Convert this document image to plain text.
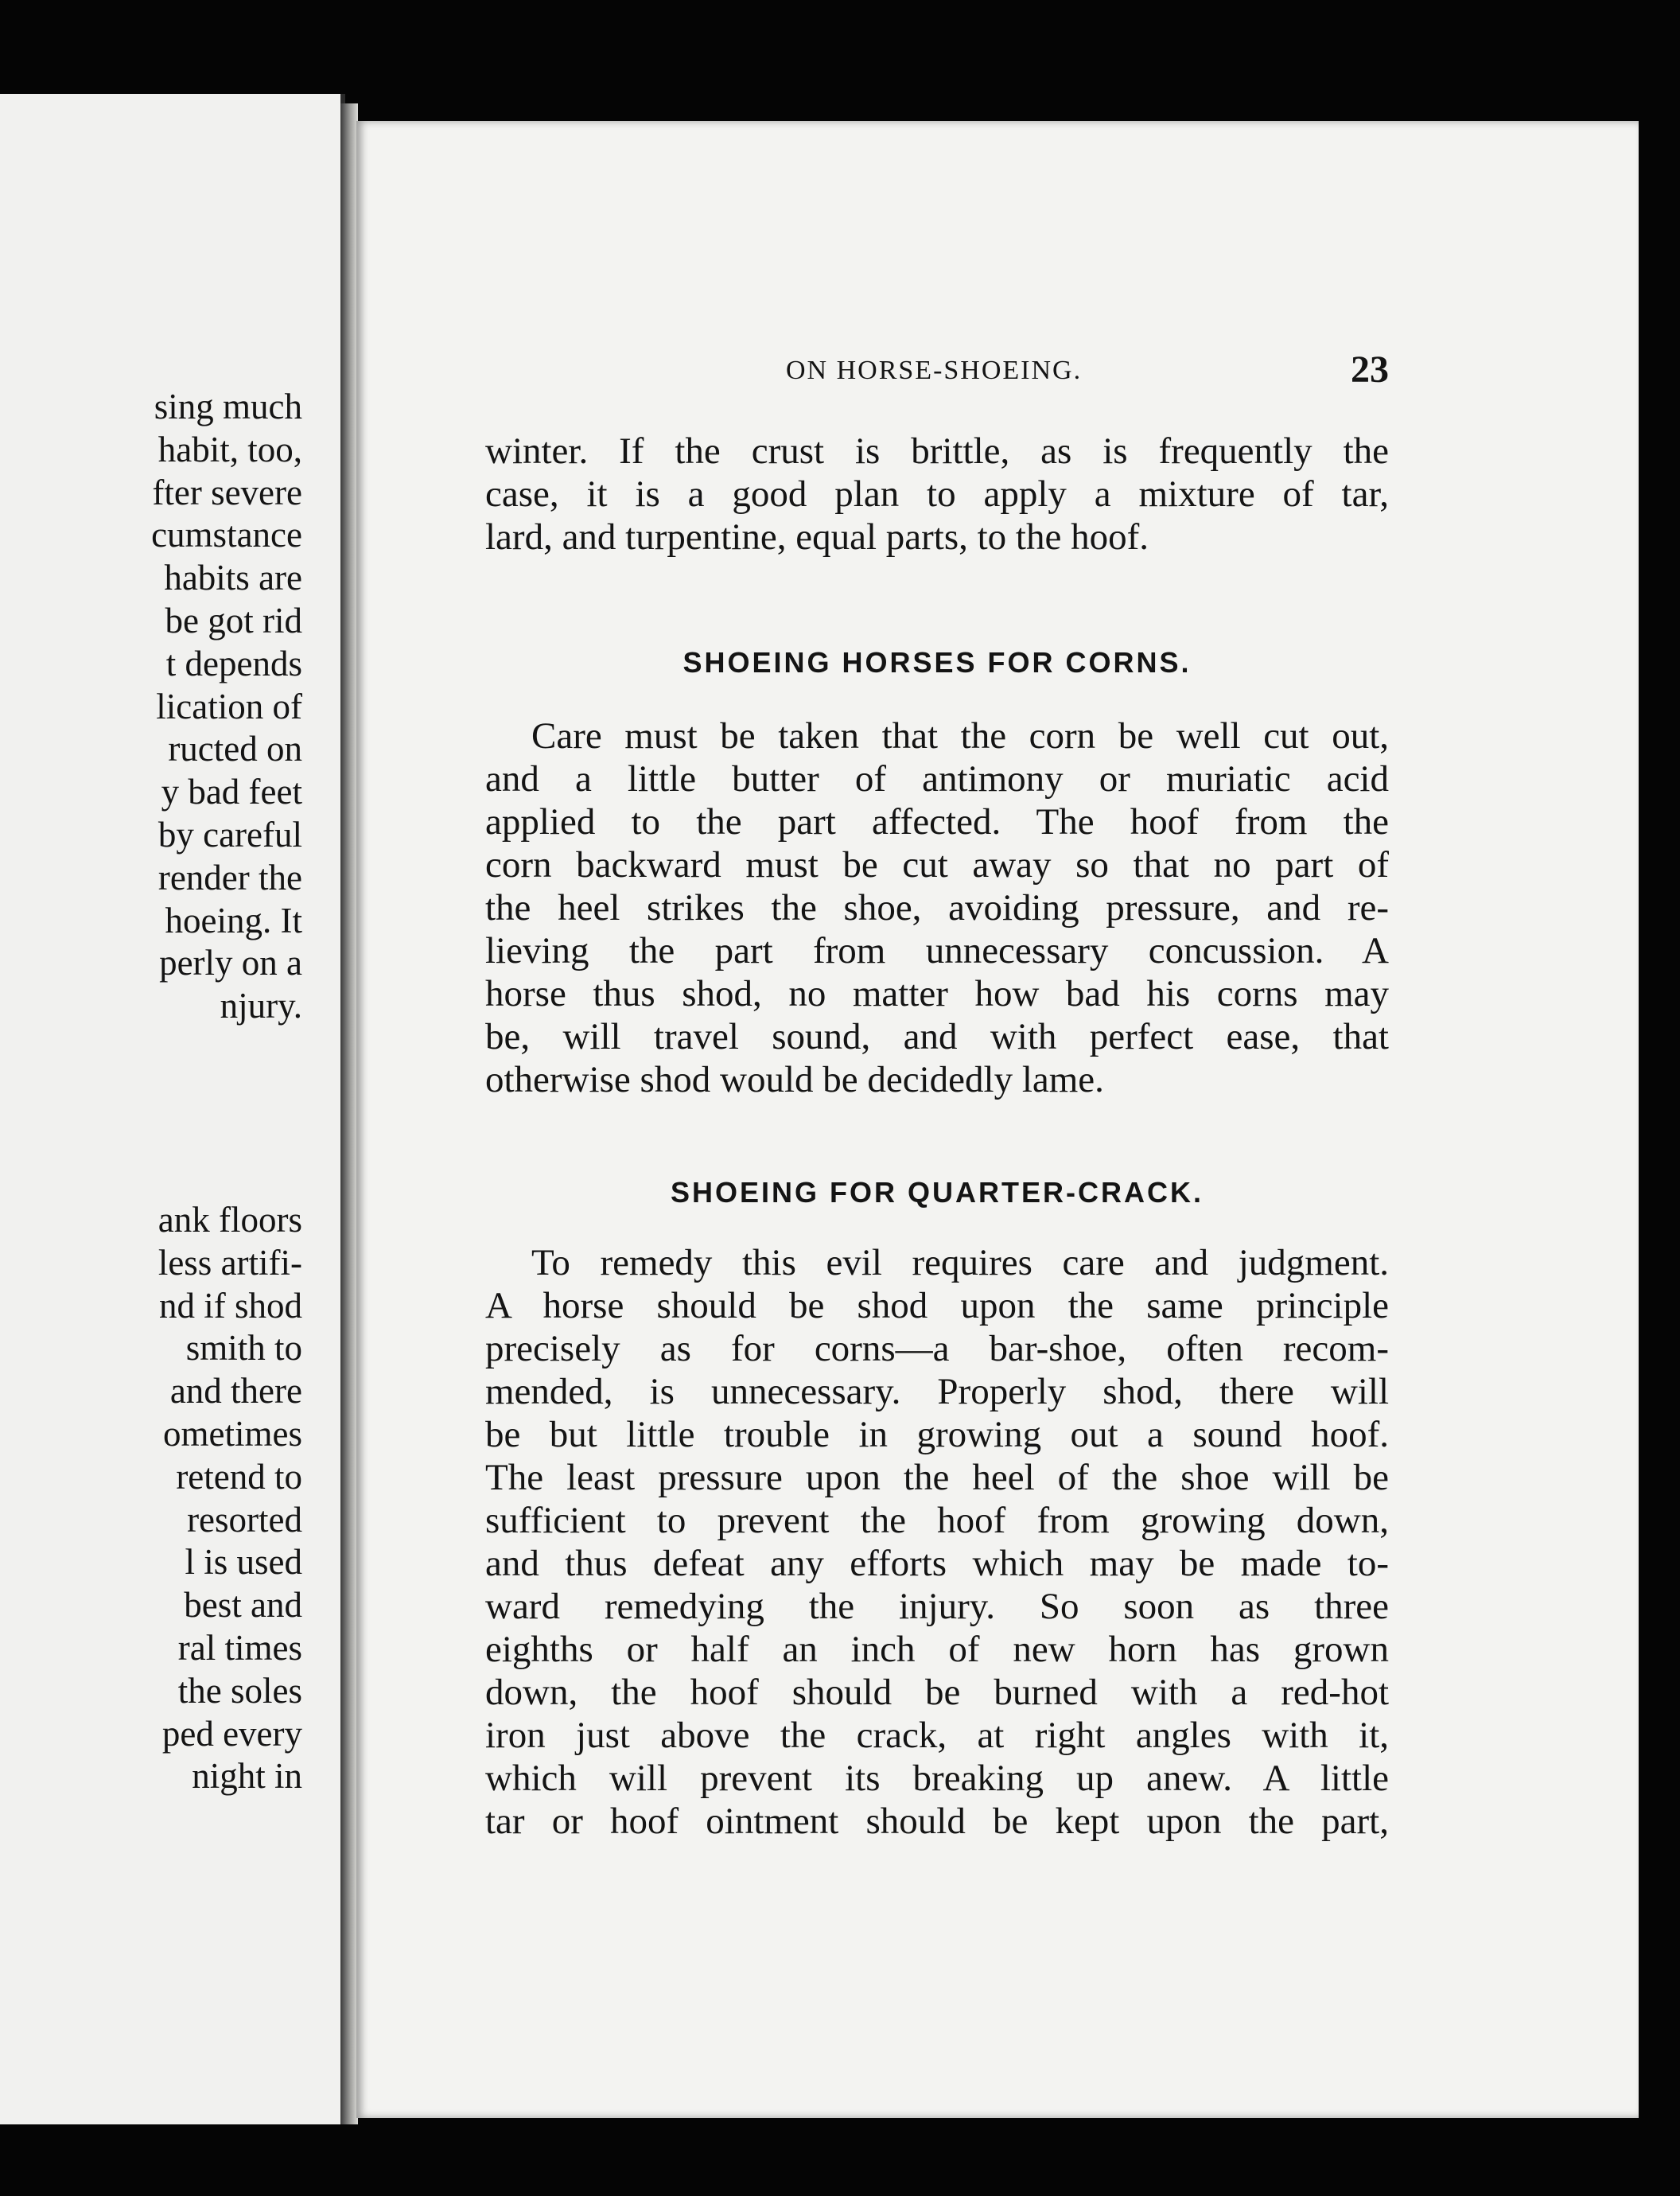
sing much
habit, too,
fter severe
cumstance
habits are
be got rid
t depends
lication of
ructed on
y bad feet
by careful
render the
hoeing. It
perly on a
njury.
ank floors
less artifi-
nd if shod
smith to
and there
ometimes
retend to
resorted
l is used
best and
ral times
the soles
ped every
night in
ON HORSE-SHOEING.	23

winter. If the crust is brittle, as is frequently the
case, it is a good plan to apply a mixture of tar,
lard, and turpentine, equal parts, to the hoof.

SHOEING HORSES FOR CORNS.

Care must be taken that the corn be well cut out,
and a little butter of antimony or muriatic acid
applied to the part affected. The hoof from the
corn backward must be cut away so that no part of
the heel strikes the shoe, avoiding pressure, and re-
lieving the part from unnecessary concussion. A
horse thus shod, no matter how bad his corns may
be, will travel sound, and with perfect ease, that
otherwise shod would be decidedly lame.

SHOEING FOR QUARTER-CRACK.

To remedy this evil requires care and judgment.
A horse should be shod upon the same principle
precisely as for corns—a bar-shoe, often recom-
mended, is unnecessary. Properly shod, there will
be but little trouble in growing out a sound hoof.
The least pressure upon the heel of the shoe will be
sufficient to prevent the hoof from growing down,
and thus defeat any efforts which may be made to-
ward remedying the injury. So soon as three
eighths or half an inch of new horn has grown
down, the hoof should be burned with a red-hot
iron just above the crack, at right angles with it,
which will prevent its breaking up anew. A little
tar or hoof ointment should be kept upon the part,
